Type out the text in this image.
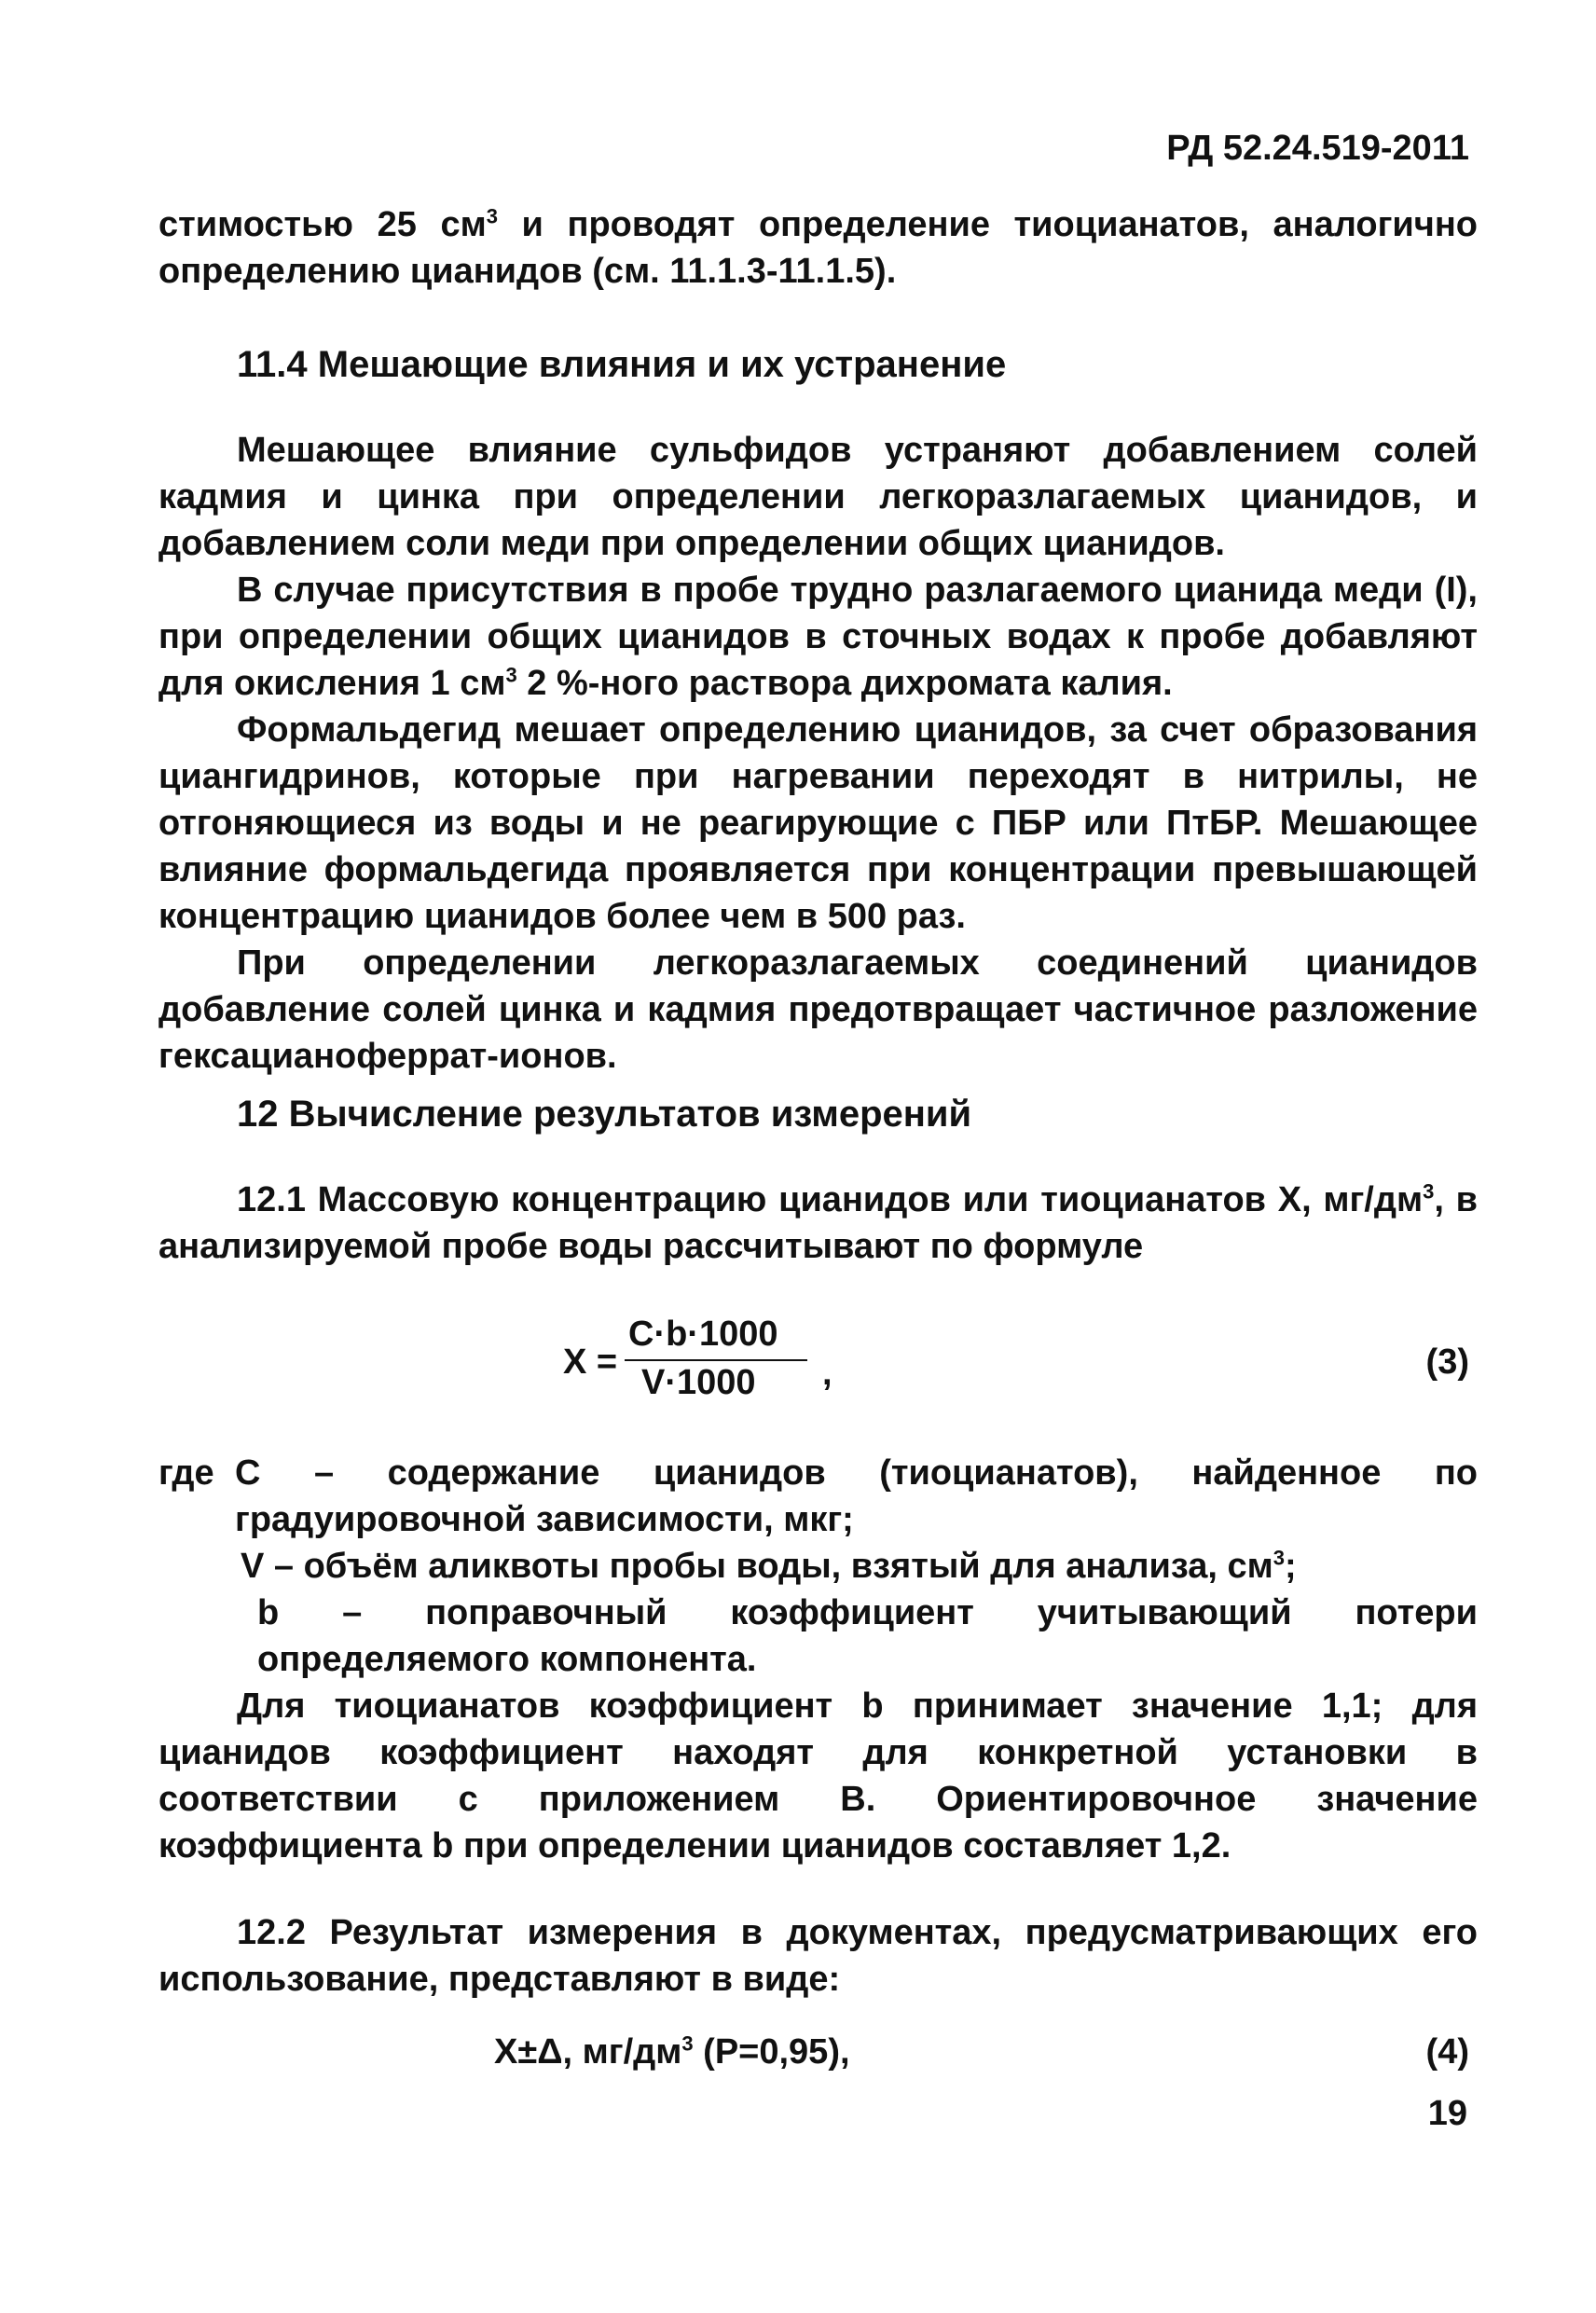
РД 52.24.519-2011

стимостью 25 $см^3$ и проводят определение тиоцианатов, аналогично определению цианидов (см. 11.1.3-11.1.5).

11.4 Мешающие влияния и их устранение

Мешающее влияние сульфидов устраняют добавлением солей кадмия и цинка при определении легкоразлагаемых цианидов, и добавлением соли меди при определении общих цианидов.

В случае присутствия в пробе трудно разлагаемого цианида меди (I), при определении общих цианидов в сточных водах к пробе добавляют для окисления 1 $см^3$ 2 %-ного раствора дихромата калия.

Формальдегид мешает определению цианидов, за счет образования циангидринов, которые при нагревании переходят в нитрилы, не отгоняющиеся из воды и не реагирующие с ПБР или ПтБР. Мешающее влияние формальдегида проявляется при концентрации превышающей концентрацию цианидов более чем в 500 раз.

При определении легкоразлагаемых соединений цианидов добавление солей цинка и кадмия предотвращает частичное разложение гексацианоферрат-ионов.

12 Вычисление результатов измерений

12.1 Массовую концентрацию цианидов или тиоцианатов X, $мг/дм^3$, в анализируемой пробе воды рассчитывают по формуле

X =
C·b·1000
V·1000 ,	(3)
где C – содержание цианидов (тиоцианатов), найденное по градуировочной зависимости, мкг;
V – объём аликвоты пробы воды, взятый для анализа, $см^3$;
b – поправочный коэффициент учитывающий потери определяемого компонента.

Для тиоцианатов коэффициент b принимает значение 1,1; для цианидов коэффициент находят для конкретной установки в соответствии с приложением В. Ориентировочное значение коэффициента b при определении цианидов составляет 1,2.

12.2 Результат измерения в документах, предусматривающих его использование, представляют в виде:

X±Δ, $мг/дм^3$ (P=0,95),	(4)
19
